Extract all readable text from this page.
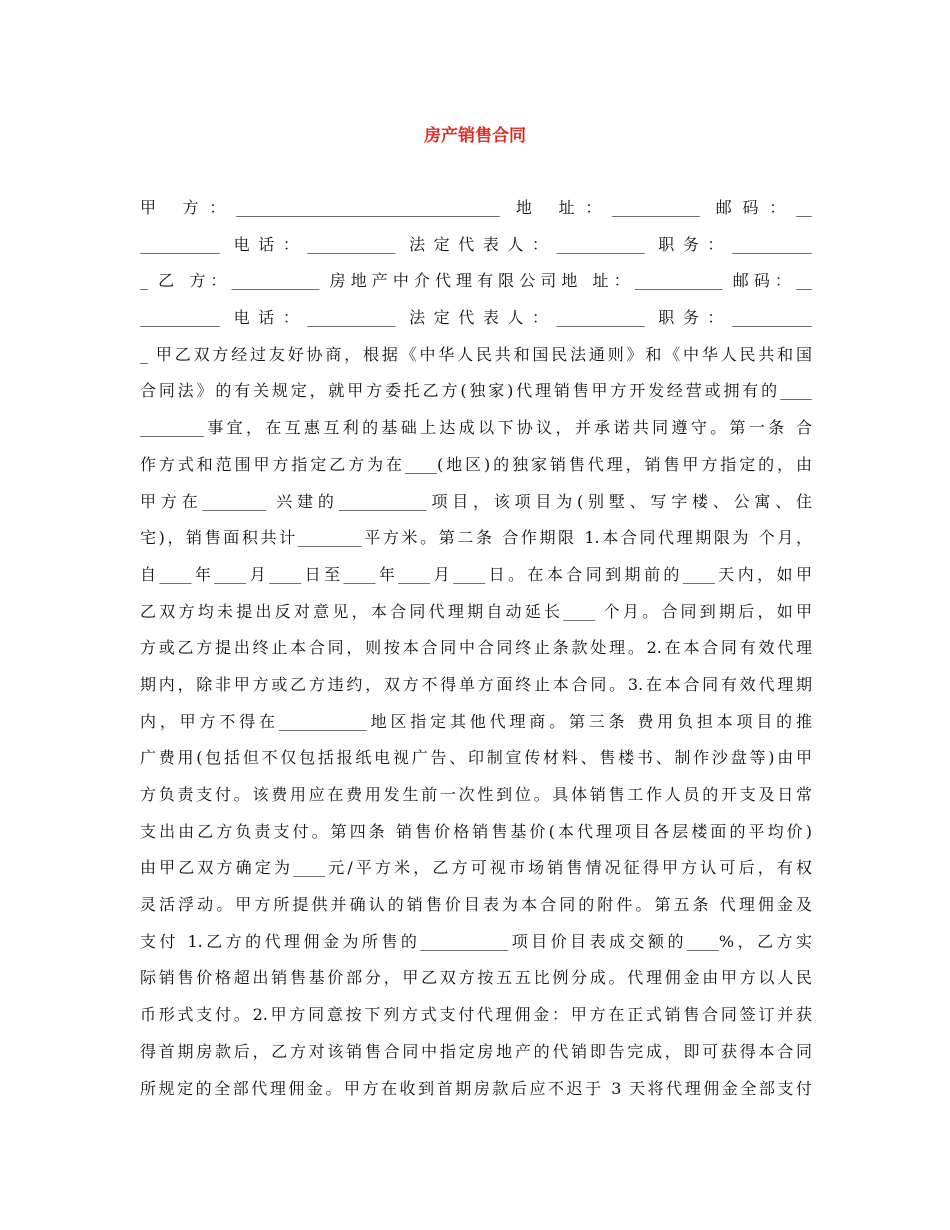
房产销售合同
甲 方：_________________________________ 地 址：___________ 邮码：__
__________ 电话：___________ 法定代表人：___________ 职务：__________
_ 乙 方：___________ 房地产中介代理有限公司地 址：___________ 邮码：__
__________ 电话：___________ 法定代表人：___________ 职务：__________
_ 甲乙双方经过友好协商，根据《中华人民共和国民法通则》和《中华人民共和国
合同法》的有关规定，就甲方委托乙方(独家)代理销售甲方开发经营或拥有的____
________事宜，在互惠互利的基础上达成以下协议，并承诺共同遵守。第一条 合
作方式和范围甲方指定乙方为在____(地区)的独家销售代理，销售甲方指定的，由
甲方在________ 兴建的___________项目，该项目为(别墅、写字楼、公寓、住
宅)，销售面积共计________平方米。第二条 合作期限 1.本合同代理期限为 个月，
自____年____月____日至____年____月____日。在本合同到期前的____天内，如甲
乙双方均未提出反对意见，本合同代理期自动延长____ 个月。合同到期后，如甲
方或乙方提出终止本合同，则按本合同中合同终止条款处理。2.在本合同有效代理
期内，除非甲方或乙方违约，双方不得单方面终止本合同。3.在本合同有效代理期
内，甲方不得在___________地区指定其他代理商。第三条 费用负担本项目的推
广费用(包括但不仅包括报纸电视广告、印制宣传材料、售楼书、制作沙盘等)由甲
方负责支付。该费用应在费用发生前一次性到位。具体销售工作人员的开支及日常
支出由乙方负责支付。第四条 销售价格销售基价(本代理项目各层楼面的平均价)
由甲乙双方确定为____元/平方米，乙方可视市场销售情况征得甲方认可后，有权
灵活浮动。甲方所提供并确认的销售价目表为本合同的附件。第五条 代理佣金及
支付 1.乙方的代理佣金为所售的___________项目价目表成交额的____%，乙方实
际销售价格超出销售基价部分，甲乙双方按五五比例分成。代理佣金由甲方以人民
币形式支付。2.甲方同意按下列方式支付代理佣金：甲方在正式销售合同签订并获
得首期房款后，乙方对该销售合同中指定房地产的代销即告完成，即可获得本合同
所规定的全部代理佣金。甲方在收到首期房款后应不迟于 3 天将代理佣金全部支付
